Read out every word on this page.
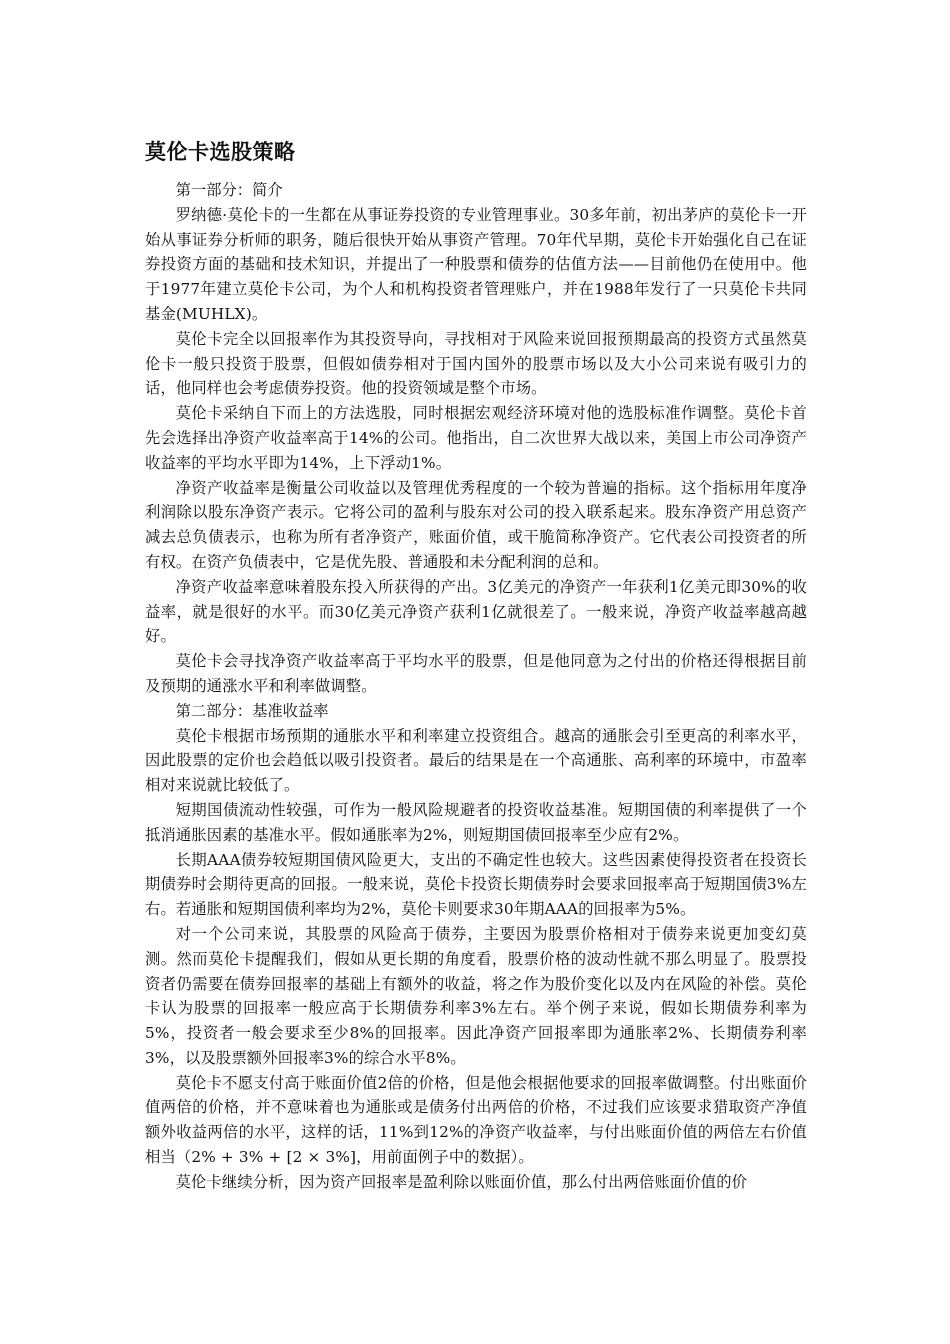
莫伦卡选股策略

第一部分：简介

罗纳德·莫伦卡的一生都在从事证券投资的专业管理事业。30多年前，初出茅庐的莫伦卡一开始从事证券分析师的职务，随后很快开始从事资产管理。70年代早期，莫伦卡开始强化自己在证券投资方面的基础和技术知识，并提出了一种股票和债券的估值方法——目前他仍在使用中。他于1977年建立莫伦卡公司，为个人和机构投资者管理账户，并在1988年发行了一只莫伦卡共同基金(MUHLX)。

莫伦卡完全以回报率作为其投资导向，寻找相对于风险来说回报预期最高的投资方式虽然莫伦卡一般只投资于股票，但假如债券相对于国内国外的股票市场以及大小公司来说有吸引力的话，他同样也会考虑债券投资。他的投资领域是整个市场。

莫伦卡采纳自下而上的方法选股，同时根据宏观经济环境对他的选股标准作调整。莫伦卡首先会选择出净资产收益率高于14%的公司。他指出，自二次世界大战以来，美国上市公司净资产收益率的平均水平即为14%，上下浮动1%。

净资产收益率是衡量公司收益以及管理优秀程度的一个较为普遍的指标。这个指标用年度净利润除以股东净资产表示。它将公司的盈利与股东对公司的投入联系起来。股东净资产用总资产减去总负债表示，也称为所有者净资产，账面价值，或干脆简称净资产。它代表公司投资者的所有权。在资产负债表中，它是优先股、普通股和未分配利润的总和。

净资产收益率意味着股东投入所获得的产出。3亿美元的净资产一年获利1亿美元即30%的收益率，就是很好的水平。而30亿美元净资产获利1亿就很差了。一般来说，净资产收益率越高越好。

莫伦卡会寻找净资产收益率高于平均水平的股票，但是他同意为之付出的价格还得根据目前及预期的通涨水平和利率做调整。

第二部分：基准收益率

莫伦卡根据市场预期的通胀水平和利率建立投资组合。越高的通胀会引至更高的利率水平，因此股票的定价也会趋低以吸引投资者。最后的结果是在一个高通胀、高利率的环境中，市盈率相对来说就比较低了。

短期国债流动性较强，可作为一般风险规避者的投资收益基准。短期国债的利率提供了一个抵消通胀因素的基准水平。假如通胀率为2%，则短期国债回报率至少应有2%。

长期AAA债券较短期国债风险更大，支出的不确定性也较大。这些因素使得投资者在投资长期债券时会期待更高的回报。一般来说，莫伦卡投资长期债券时会要求回报率高于短期国债3%左右。若通胀和短期国债利率均为2%，莫伦卡则要求30年期AAA的回报率为5%。

对一个公司来说，其股票的风险高于债券，主要因为股票价格相对于债券来说更加变幻莫测。然而莫伦卡提醒我们，假如从更长期的角度看，股票价格的波动性就不那么明显了。股票投资者仍需要在债券回报率的基础上有额外的收益，将之作为股价变化以及内在风险的补偿。莫伦卡认为股票的回报率一般应高于长期债券利率3%左右。举个例子来说，假如长期债券利率为5%，投资者一般会要求至少8%的回报率。因此净资产回报率即为通胀率2%、长期债券利率3%，以及股票额外回报率3%的综合水平8%。

莫伦卡不愿支付高于账面价值2倍的价格，但是他会根据他要求的回报率做调整。付出账面价值两倍的价格，并不意味着也为通胀或是债务付出两倍的价格，不过我们应该要求猎取资产净值额外收益两倍的水平，这样的话，11%到12%的净资产收益率，与付出账面价值的两倍左右价值相当（2% + 3% + [2 × 3%]，用前面例子中的数据）。

莫伦卡继续分析，因为资产回报率是盈利除以账面价值，那么付出两倍账面价值的价
